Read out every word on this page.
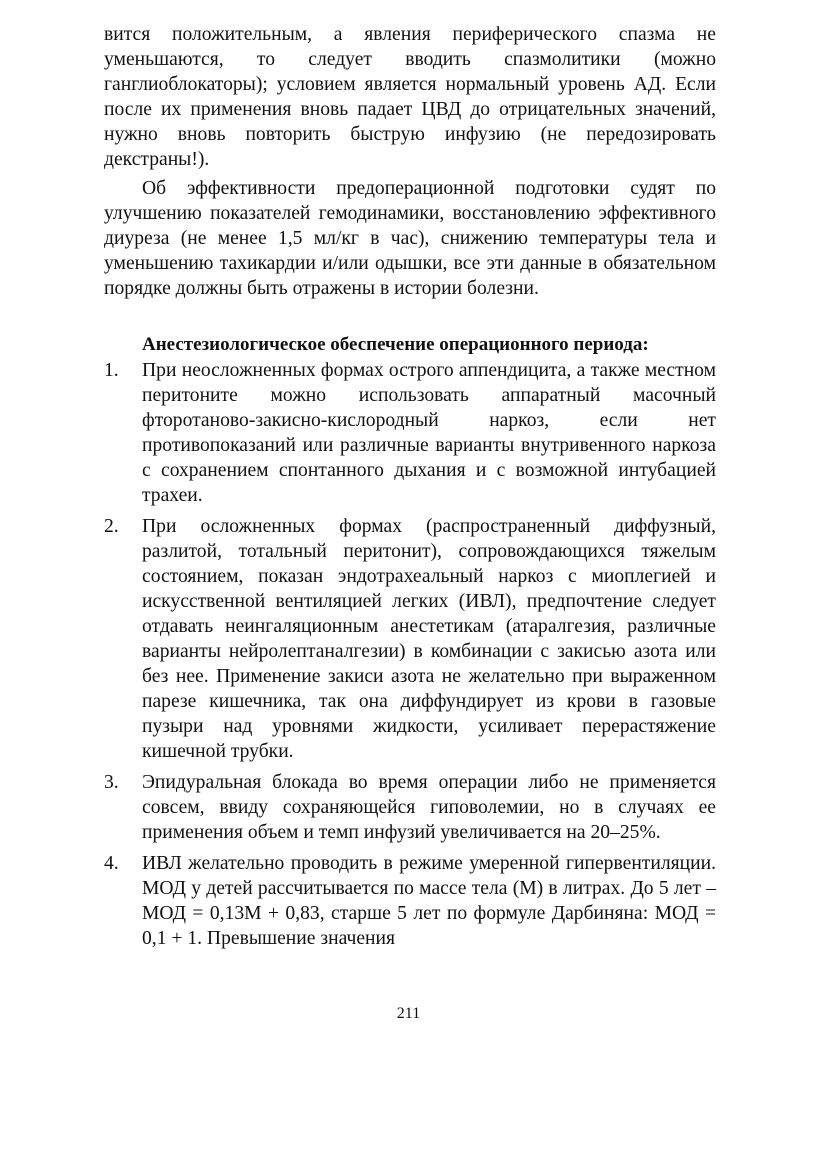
вится положительным, а явления периферического спазма не уменьшаются, то следует вводить спазмолитики (можно ганглиоблокаторы); условием является нормальный уровень АД. Если после их применения вновь падает ЦВД до отрицательных значений, нужно вновь повторить быструю инфузию (не передозировать декстраны!).

Об эффективности предоперационной подготовки судят по улучшению показателей гемодинамики, восстановлению эффективного диуреза (не менее 1,5 мл/кг в час), снижению температуры тела и уменьшению тахикардии и/или одышки, все эти данные в обязательном порядке должны быть отражены в истории болезни.

Анестезиологическое обеспечение операционного периода:

1.	При неосложненных формах острого аппендицита, а также местном перитоните можно использовать аппаратный масочный фторотаново-закисно-кислородный наркоз, если нет противопоказаний или различные варианты внутривенного наркоза с сохранением спонтанного дыхания и с возможной интубацией трахеи.
2.	При осложненных формах (распространенный диффузный, разлитой, тотальный перитонит), сопровождающихся тяжелым состоянием, показан эндотрахеальный наркоз с миоплегией и искусственной вентиляцией легких (ИВЛ), предпочтение следует отдавать неингаляционным анестетикам (атаралгезия, различные варианты нейролептаналгезии) в комбинации с закисью азота или без нее. Применение закиси азота не желательно при выраженном парезе кишечника, так она диффундирует из крови в газовые пузыри над уровнями жидкости, усиливает перерастяжение кишечной трубки.
3.	Эпидуральная блокада во время операции либо не применяется совсем, ввиду сохраняющейся гиповолемии, но в случаях ее применения объем и темп инфузий увеличивается на 20–25%.
4.	ИВЛ желательно проводить в режиме умеренной гипервентиляции. МОД у детей рассчитывается по массе тела (М) в литрах. До 5 лет – МОД = 0,13М + 0,83, старше 5 лет по формуле Дарбиняна: МОД = 0,1 + 1. Превышение значения
211
